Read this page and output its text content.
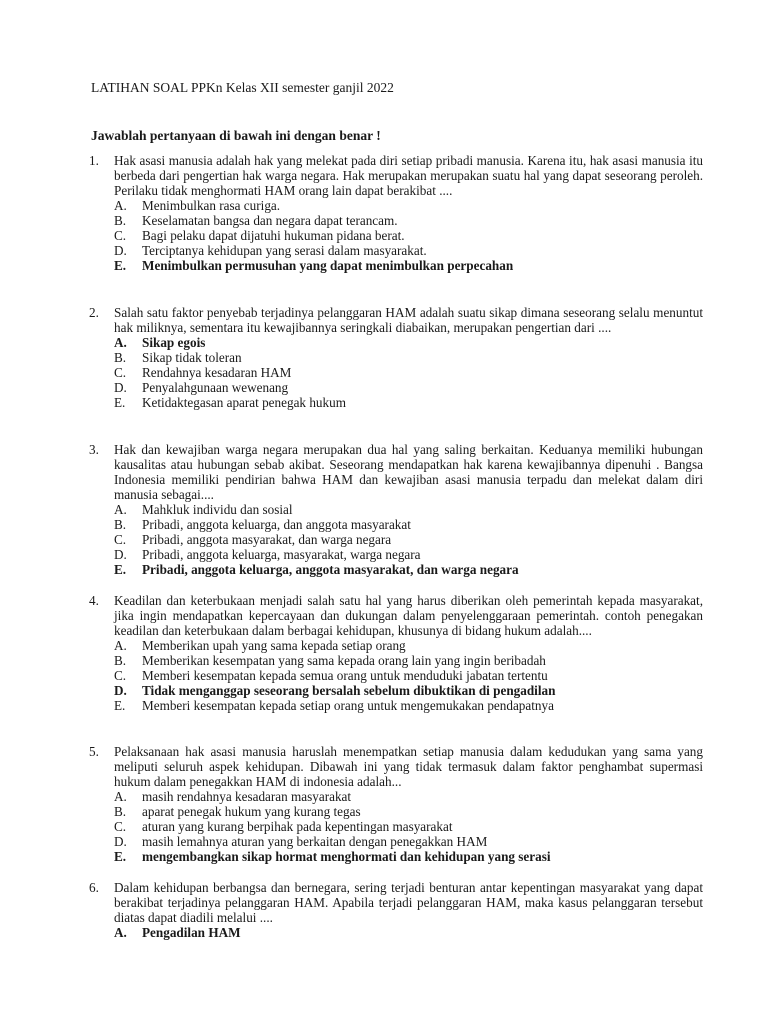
LATIHAN SOAL PPKn Kelas XII semester ganjil 2022
Jawablah pertanyaan di bawah ini dengan benar !
1.	Hak asasi manusia adalah hak yang melekat pada diri setiap pribadi manusia. Karena itu, hak asasi manusia itu berbeda dari pengertian hak warga negara. Hak merupakan merupakan suatu hal yang dapat seseorang peroleh. Perilaku tidak menghormati HAM orang lain dapat berakibat ....
A.	Menimbulkan rasa curiga.
B.	Keselamatan bangsa dan negara dapat terancam.
C.	Bagi pelaku dapat dijatuhi hukuman pidana berat.
D.	Terciptanya kehidupan yang serasi dalam masyarakat.
E.	Menimbulkan permusuhan yang dapat menimbulkan perpecahan
2.	Salah satu faktor penyebab terjadinya pelanggaran HAM adalah suatu sikap dimana seseorang selalu menuntut hak miliknya, sementara itu kewajibannya seringkali diabaikan, merupakan pengertian dari ....
A.	Sikap egois
B.	Sikap tidak toleran
C.	Rendahnya kesadaran HAM
D.	Penyalahgunaan wewenang
E.	Ketidaktegasan aparat penegak hukum
3.	Hak dan kewajiban warga negara merupakan dua hal yang saling berkaitan. Keduanya memiliki hubungan kausalitas atau hubungan sebab akibat. Seseorang mendapatkan hak karena kewajibannya dipenuhi . Bangsa Indonesia memiliki pendirian bahwa HAM dan kewajiban asasi manusia terpadu dan melekat dalam diri manusia sebagai....
A.	Mahkluk individu dan sosial
B.	Pribadi, anggota keluarga, dan anggota masyarakat
C.	Pribadi, anggota masyarakat, dan warga negara
D.	Pribadi, anggota keluarga, masyarakat, warga negara
E.	Pribadi, anggota keluarga, anggota masyarakat, dan warga negara
4.	Keadilan dan keterbukaan menjadi salah satu hal yang harus diberikan oleh pemerintah kepada masyarakat, jika ingin mendapatkan kepercayaan dan dukungan dalam penyelenggaraan pemerintah. contoh penegakan keadilan dan keterbukaan dalam berbagai kehidupan, khusunya di bidang hukum adalah....
A.	Memberikan upah yang sama kepada setiap orang
B.	Memberikan kesempatan yang sama kepada orang lain yang ingin beribadah
C.	Memberi kesempatan kepada semua orang untuk menduduki jabatan tertentu
D.	Tidak menganggap seseorang bersalah sebelum dibuktikan di pengadilan
E.	Memberi kesempatan kepada setiap orang untuk mengemukakan pendapatnya
5.	Pelaksanaan hak asasi manusia haruslah menempatkan setiap manusia dalam kedudukan yang sama yang meliputi seluruh aspek kehidupan. Dibawah ini yang tidak termasuk dalam faktor penghambat supermasi hukum dalam penegakkan HAM di indonesia adalah...
A.	masih rendahnya kesadaran masyarakat
B.	aparat penegak hukum yang kurang tegas
C.	aturan yang kurang berpihak pada kepentingan masyarakat
D.	masih lemahnya aturan yang berkaitan dengan penegakkan HAM
E.	mengembangkan sikap hormat menghormati dan kehidupan yang serasi
6.	Dalam kehidupan berbangsa dan bernegara, sering terjadi benturan antar kepentingan masyarakat yang dapat berakibat terjadinya pelanggaran HAM. Apabila terjadi pelanggaran HAM, maka kasus pelanggaran tersebut diatas dapat diadili melalui ....
A.	Pengadilan HAM
